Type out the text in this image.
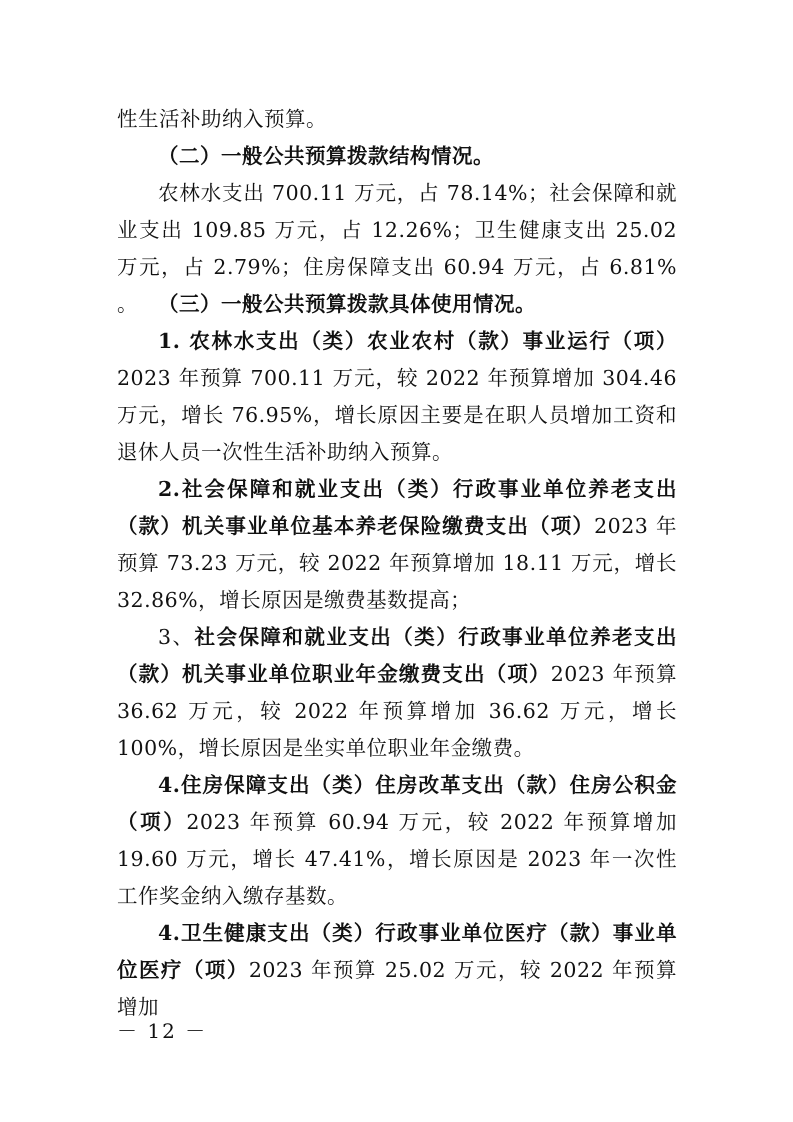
性生活补助纳入预算。

（二）一般公共预算拨款结构情况。

农林水支出 700.11 万元，占 78.14%；社会保障和就业支出 109.85 万元，占 12.26%；卫生健康支出 25.02 万元，占 2.79%；住房保障支出 60.94 万元，占 6.81% 。 （三）一般公共预算拨款具体使用情况。

1. 农林水支出（类）农业农村（款）事业运行（项）2023 年预算 700.11 万元，较 2022 年预算增加 304.46 万元，增长 76.95%，增长原因主要是在职人员增加工资和退休人员一次性生活补助纳入预算。

2.社会保障和就业支出（类）行政事业单位养老支出（款）机关事业单位基本养老保险缴费支出（项）2023 年预算 73.23 万元，较 2022 年预算增加 18.11 万元，增长 32.86%，增长原因是缴费基数提高；

3、社会保障和就业支出（类）行政事业单位养老支出（款）机关事业单位职业年金缴费支出（项）2023 年预算 36.62 万元，较 2022 年预算增加 36.62 万元，增长 100%，增长原因是坐实单位职业年金缴费。

4.住房保障支出（类）住房改革支出（款）住房公积金（项）2023 年预算 60.94 万元，较 2022 年预算增加 19.60 万元，增长 47.41%，增长原因是 2023 年一次性工作奖金纳入缴存基数。

4.卫生健康支出（类）行政事业单位医疗（款）事业单位医疗（项）2023 年预算 25.02 万元，较 2022 年预算增加

－ 12 －
